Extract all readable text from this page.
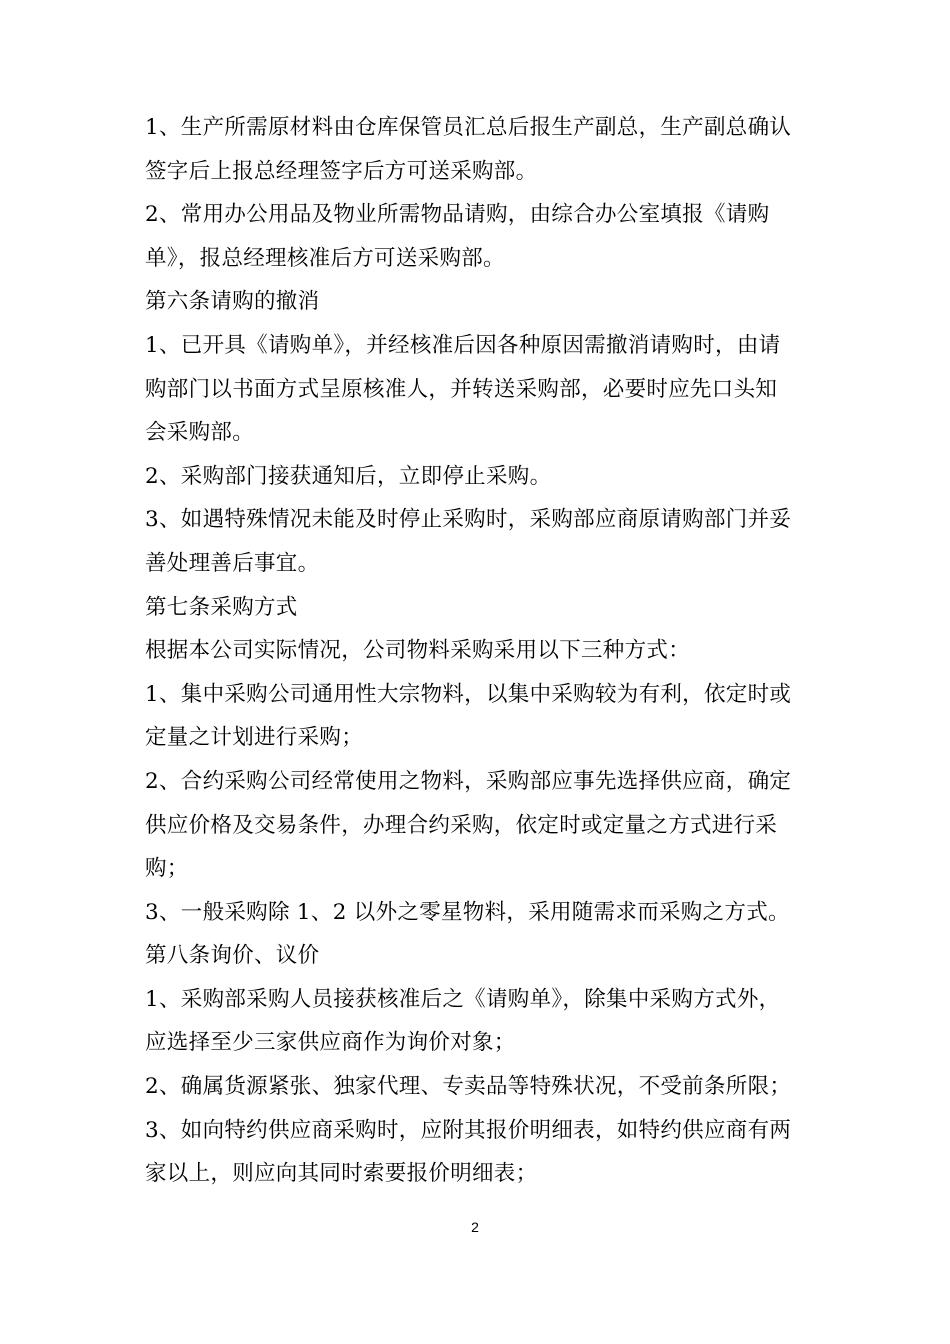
1、生产所需原材料由仓库保管员汇总后报生产副总，生产副总确认
签字后上报总经理签字后方可送采购部。
2、常用办公用品及物业所需物品请购，由综合办公室填报《请购
单》，报总经理核准后方可送采购部。
第六条请购的撤消
1、已开具《请购单》，并经核准后因各种原因需撤消请购时，由请
购部门以书面方式呈原核准人，并转送采购部，必要时应先口头知
会采购部。
2、采购部门接获通知后，立即停止采购。
3、如遇特殊情况未能及时停止采购时，采购部应商原请购部门并妥
善处理善后事宜。
第七条采购方式
根据本公司实际情况，公司物料采购采用以下三种方式：
1、集中采购公司通用性大宗物料，以集中采购较为有利，依定时或
定量之计划进行采购；
2、合约采购公司经常使用之物料，采购部应事先选择供应商，确定
供应价格及交易条件，办理合约采购，依定时或定量之方式进行采
购；
3、一般采购除 1、2 以外之零星物料，采用随需求而采购之方式。
第八条询价、议价
1、采购部采购人员接获核准后之《请购单》，除集中采购方式外，
应选择至少三家供应商作为询价对象；
2、确属货源紧张、独家代理、专卖品等特殊状况，不受前条所限；
3、如向特约供应商采购时，应附其报价明细表，如特约供应商有两
家以上，则应向其同时索要报价明细表；
2
